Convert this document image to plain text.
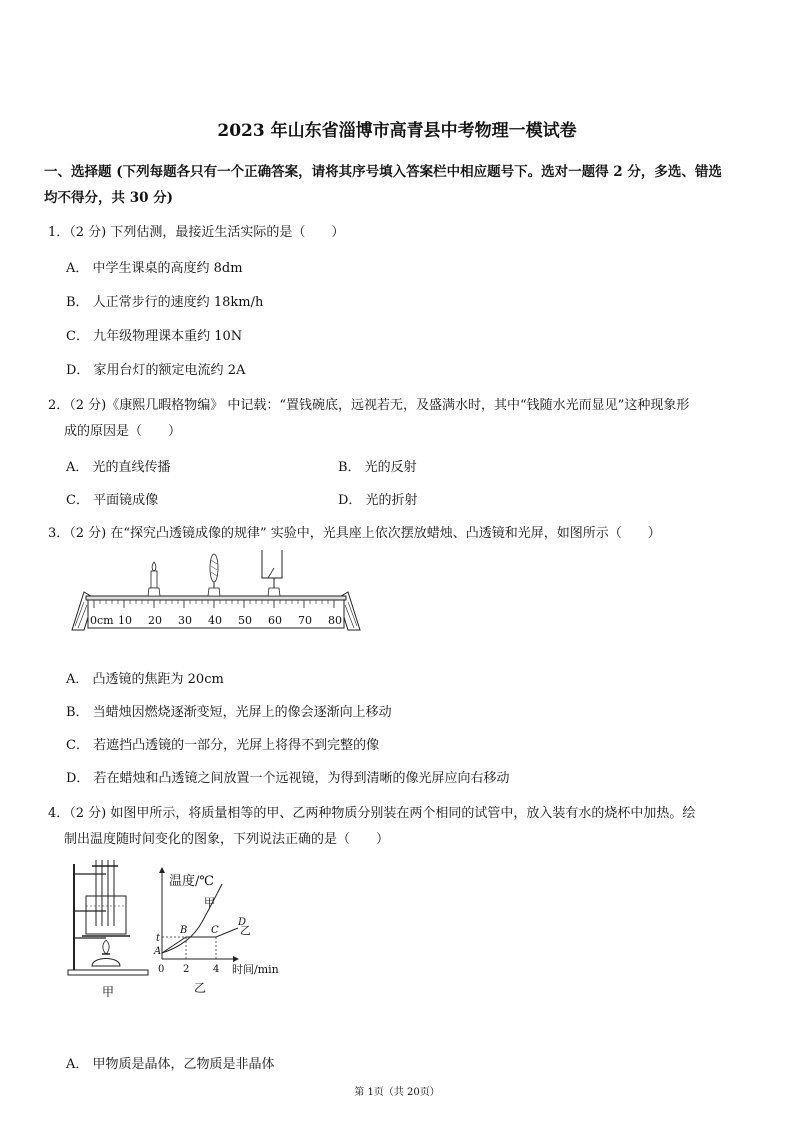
2023 年山东省淄博市高青县中考物理一模试卷
一、选择题 (下列每题各只有一个正确答案，请将其序号填入答案栏中相应题号下。选对一题得 2 分，多选、错选
均不得分，共 30 分)
1．（2 分) 下列估测，最接近生活实际的是（　　）
A． 中学生课桌的高度约 8dm
B． 人正常步行的速度约 18km/h
C． 九年级物理课本重约 10N
D． 家用台灯的额定电流约 2A
2．（2 分)《康熙几暇格物编》 中记载：“置钱碗底，远视若无，及盛满水时，其中“钱随水光而显见”这种现象形
成的原因是（　　）
A． 光的直线传播	B． 光的反射
C． 平面镜成像	D． 光的折射
3．（2 分) 在“探究凸透镜成像的规律” 实验中，光具座上依次摆放蜡烛、凸透镜和光屏，如图所示（　　）
0cm 10 20 30 40 50 60 70 80
A． 凸透镜的焦距为 20cm
B． 当蜡烛因燃烧逐渐变短，光屏上的像会逐渐向上移动
C． 若遮挡凸透镜的一部分，光屏上将得不到完整的像
D． 若在蜡烛和凸透镜之间放置一个远视镜，为得到清晰的像光屏应向右移动
4．（2 分) 如图甲所示，将质量相等的甲、乙两种物质分别装在两个相同的试管中，放入装有水的烧杯中加热。绘
制出温度随时间变化的图象，下列说法正确的是（　　）
甲
温度/℃
时间/min
0 2 4
t
甲
乙
A
B C
D
乙
A． 甲物质是晶体，乙物质是非晶体
第 1页（共 20页）
